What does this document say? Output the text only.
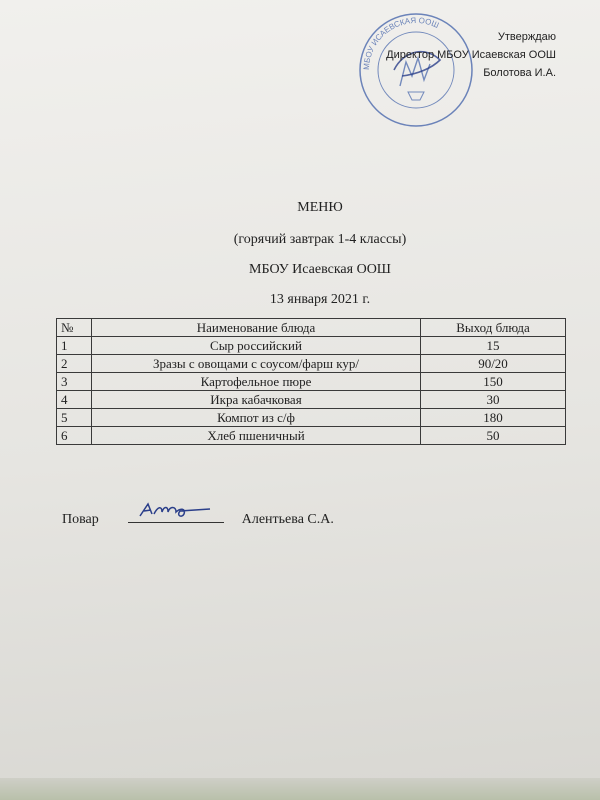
МБОУ ИСАЕВСКАЯ ООШ
Утверждаю
Директор МБОУ Исаевская ООШ
Болотова И.А.
МЕНЮ
(горячий завтрак 1-4 классы)
МБОУ Исаевская ООШ
13 января 2021 г.
№	Наименование блюда	Выход блюда
1	Сыр российский	15
2	Зразы с овощами с соусом/фарш кур/	90/20
3	Картофельное пюре	150
4	Икра кабачковая	30
5	Компот из с/ф	180
6	Хлеб пшеничный	50
Повар	Алентьева С.А.
